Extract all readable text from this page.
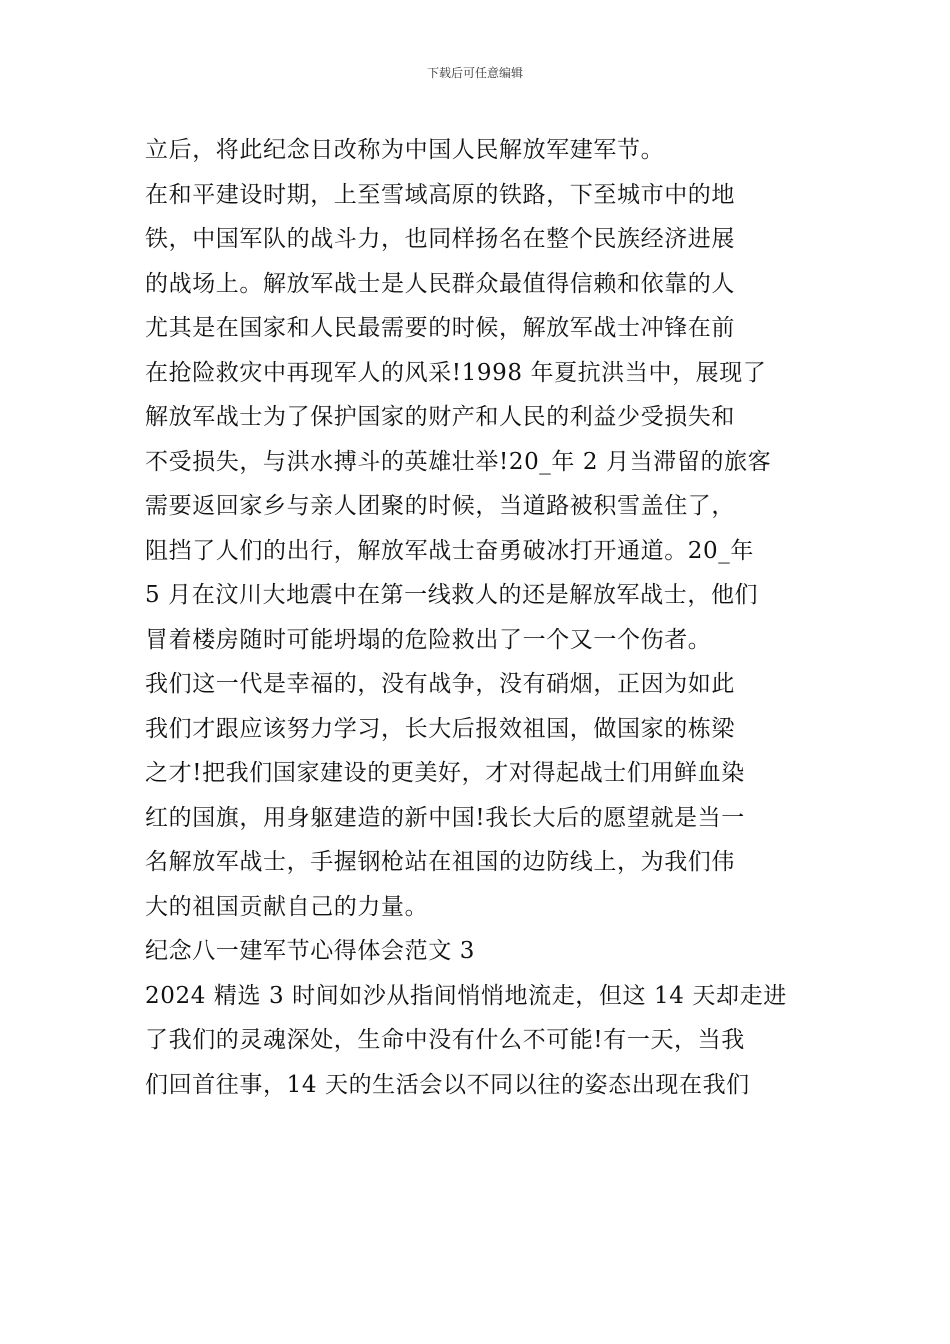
下载后可任意编辑
立后，将此纪念日改称为中国人民解放军建军节。
在和平建设时期，上至雪域高原的铁路，下至城市中的地
铁，中国军队的战斗力，也同样扬名在整个民族经济进展
的战场上。解放军战士是人民群众最值得信赖和依靠的人
尤其是在国家和人民最需要的时候，解放军战士冲锋在前
在抢险救灾中再现军人的风采!1998 年夏抗洪当中，展现了
解放军战士为了保护国家的财产和人民的利益少受损失和
不受损失，与洪水搏斗的英雄壮举!20_年 2 月当滞留的旅客
需要返回家乡与亲人团聚的时候，当道路被积雪盖住了，
阻挡了人们的出行，解放军战士奋勇破冰打开通道。20_年
5 月在汶川大地震中在第一线救人的还是解放军战士，他们
冒着楼房随时可能坍塌的危险救出了一个又一个伤者。
我们这一代是幸福的，没有战争，没有硝烟，正因为如此
我们才跟应该努力学习，长大后报效祖国，做国家的栋梁
之才!把我们国家建设的更美好，才对得起战士们用鲜血染
红的国旗，用身躯建造的新中国!我长大后的愿望就是当一
名解放军战士，手握钢枪站在祖国的边防线上，为我们伟
大的祖国贡献自己的力量。
纪念八一建军节心得体会范文 3
2024 精选 3 时间如沙从指间悄悄地流走，但这 14 天却走进
了我们的灵魂深处，生命中没有什么不可能!有一天，当我
们回首往事，14 天的生活会以不同以往的姿态出现在我们
